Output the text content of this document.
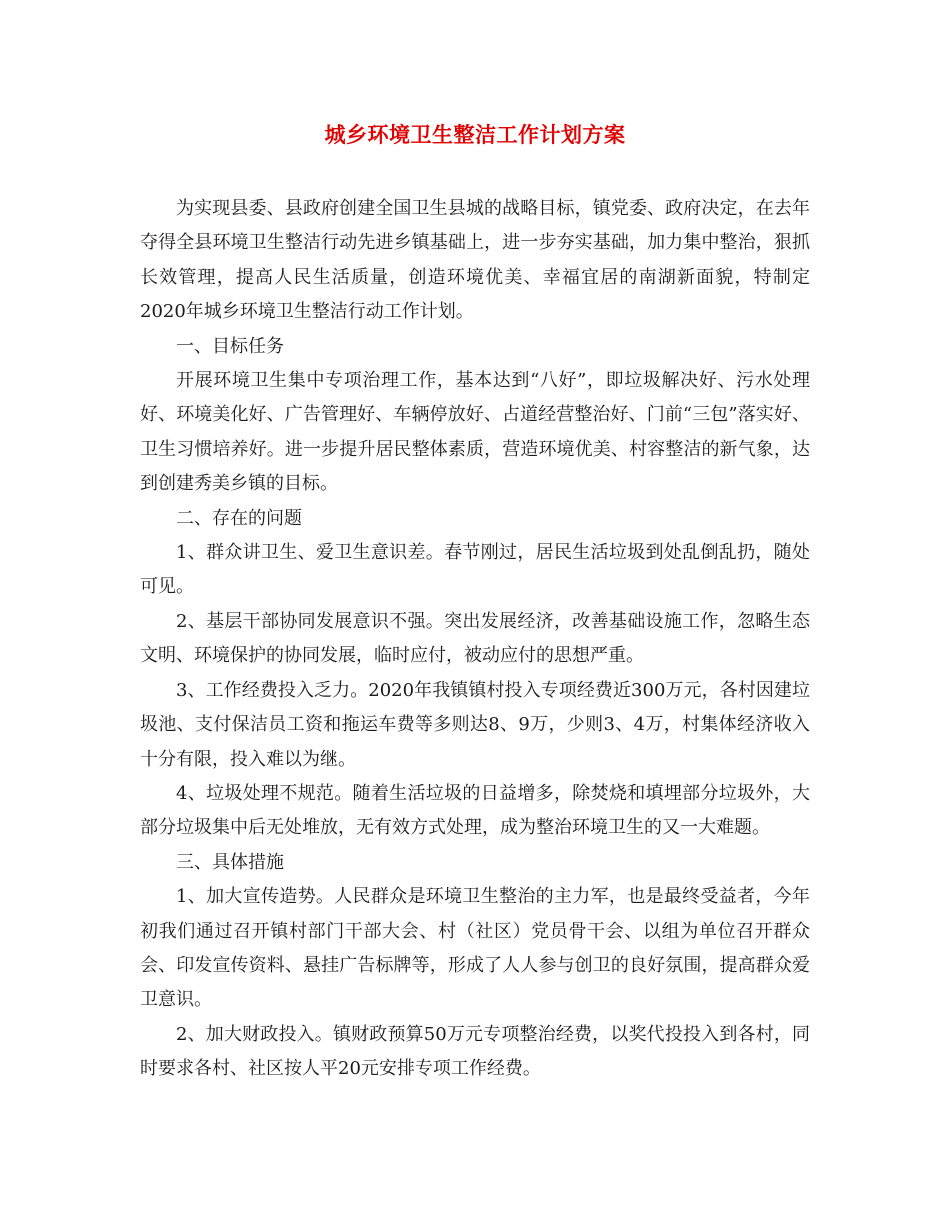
城乡环境卫生整洁工作计划方案

为实现县委、县政府创建全国卫生县城的战略目标，镇党委、政府决定，在去年夺得全县环境卫生整洁行动先进乡镇基础上，进一步夯实基础，加力集中整治，狠抓长效管理，提高人民生活质量，创造环境优美、幸福宜居的南湖新面貌，特制定2020年城乡环境卫生整洁行动工作计划。

一、目标任务

开展环境卫生集中专项治理工作，基本达到“八好”，即垃圾解决好、污水处理好、环境美化好、广告管理好、车辆停放好、占道经营整治好、门前“三包”落实好、卫生习惯培养好。进一步提升居民整体素质，营造环境优美、村容整洁的新气象，达到创建秀美乡镇的目标。

二、存在的问题

1、群众讲卫生、爱卫生意识差。春节刚过，居民生活垃圾到处乱倒乱扔，随处可见。

2、基层干部协同发展意识不强。突出发展经济，改善基础设施工作，忽略生态文明、环境保护的协同发展，临时应付，被动应付的思想严重。

3、工作经费投入乏力。2020年我镇镇村投入专项经费近300万元，各村因建垃圾池、支付保洁员工资和拖运车费等多则达8、9万，少则3、4万，村集体经济收入十分有限，投入难以为继。

4、垃圾处理不规范。随着生活垃圾的日益增多，除焚烧和填埋部分垃圾外，大部分垃圾集中后无处堆放，无有效方式处理，成为整治环境卫生的又一大难题。

三、具体措施

1、加大宣传造势。人民群众是环境卫生整治的主力军，也是最终受益者，今年初我们通过召开镇村部门干部大会、村（社区）党员骨干会、以组为单位召开群众会、印发宣传资料、悬挂广告标牌等，形成了人人参与创卫的良好氛围，提高群众爱卫意识。

2、加大财政投入。镇财政预算50万元专项整治经费，以奖代投投入到各村，同时要求各村、社区按人平20元安排专项工作经费。
